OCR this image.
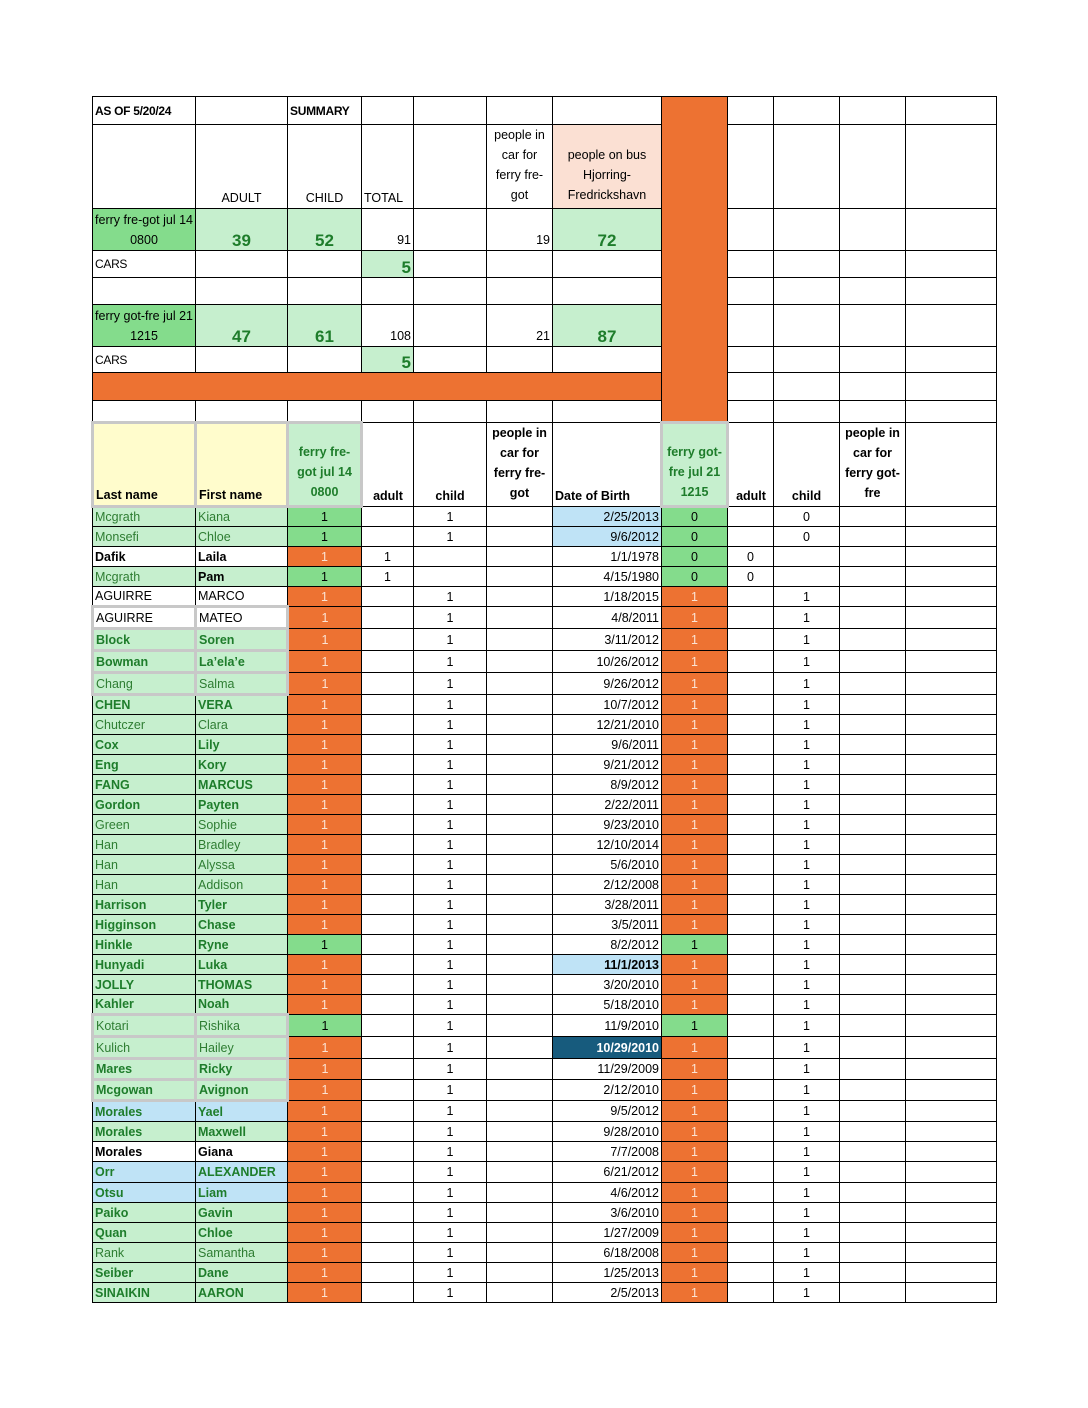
AS OF 5/20/24		SUMMARY									
	ADULT	CHILD	TOTAL		people in car for ferry fre-got	people on bus Hjorring-Fredrickshavn					
ferry fre-got jul 14 0800	39	52	91		19	72					
CARS			5								

ferry got-fre jul 21 1215	47	61	108		21	87					
CARS			5								

Last name	First name	ferry fre-got jul 14 0800	adult	child	people in car for ferry fre-got	Date of Birth	ferry got-fre jul 21 1215	adult	child	people in car for ferry got-fre	
Mcgrath	Kiana	1		1		2/25/2013	0		0		
Monsefi	Chloe	1		1		9/6/2012	0		0		
Dafik	Laila	1	1			1/1/1978	0	0			
Mcgrath	Pam	1	1			4/15/1980	0	0			
AGUIRRE	MARCO	1		1		1/18/2015	1		1		
AGUIRRE	MATEO	1		1		4/8/2011	1		1		
Block	Soren	1		1		3/11/2012	1		1		
Bowman	La’ela’e	1		1		10/26/2012	1		1		
Chang	Salma	1		1		9/26/2012	1		1		
CHEN	VERA	1		1		10/7/2012	1		1		
Chutczer	Clara	1		1		12/21/2010	1		1		
Cox	Lily	1		1		9/6/2011	1		1		
Eng	Kory	1		1		9/21/2012	1		1		
FANG	MARCUS	1		1		8/9/2012	1		1		
Gordon	Payten	1		1		2/22/2011	1		1		
Green	Sophie	1		1		9/23/2010	1		1		
Han	Bradley	1		1		12/10/2014	1		1		
Han	Alyssa	1		1		5/6/2010	1		1		
Han	Addison	1		1		2/12/2008	1		1		
Harrison	Tyler	1		1		3/28/2011	1		1		
Higginson	Chase	1		1		3/5/2011	1		1		
Hinkle	Ryne	1		1		8/2/2012	1		1		
Hunyadi	Luka	1		1		11/1/2013	1		1		
JOLLY	THOMAS	1		1		3/20/2010	1		1		
Kahler	Noah	1		1		5/18/2010	1		1		
Kotari	Rishika	1		1		11/9/2010	1		1		
Kulich	Hailey	1		1		10/29/2010	1		1		
Mares	Ricky	1		1		11/29/2009	1		1		
Mcgowan	Avignon	1		1		2/12/2010	1		1		
Morales	Yael	1		1		9/5/2012	1		1		
Morales	Maxwell	1		1		9/28/2010	1		1		
Morales	Giana	1		1		7/7/2008	1		1		
Orr	ALEXANDER	1		1		6/21/2012	1		1		
Otsu	Liam	1		1		4/6/2012	1		1		
Paiko	Gavin	1		1		3/6/2010	1		1		
Quan	Chloe	1		1		1/27/2009	1		1		
Rank	Samantha	1		1		6/18/2008	1		1		
Seiber	Dane	1		1		1/25/2013	1		1		
SINAIKIN	AARON	1		1		2/5/2013	1		1		
